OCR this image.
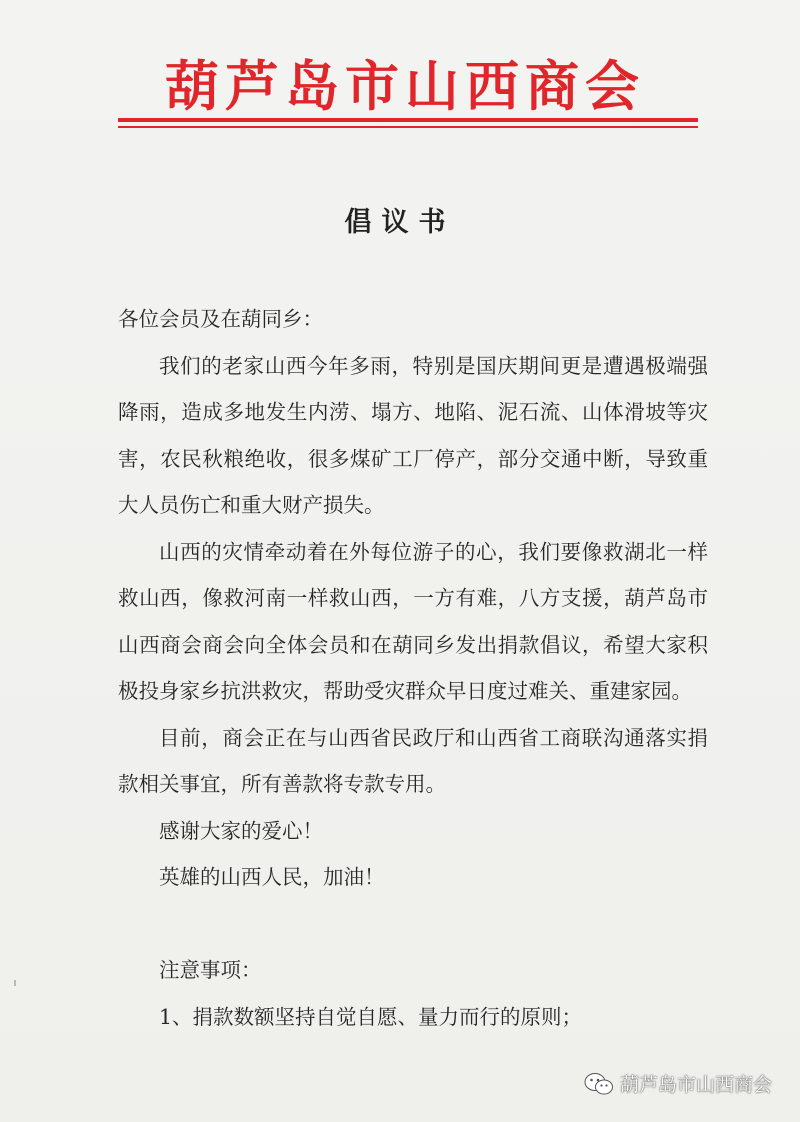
葫芦岛市山西商会
倡议书

各位会员及在葫同乡：

我们的老家山西今年多雨，特别是国庆期间更是遭遇极端强降雨，造成多地发生内涝、塌方、地陷、泥石流、山体滑坡等灾害，农民秋粮绝收，很多煤矿工厂停产，部分交通中断，导致重大人员伤亡和重大财产损失。

山西的灾情牵动着在外每位游子的心，我们要像救湖北一样救山西，像救河南一样救山西，一方有难，八方支援，葫芦岛市山西商会商会向全体会员和在葫同乡发出捐款倡议，希望大家积极投身家乡抗洪救灾，帮助受灾群众早日度过难关、重建家园。

目前，商会正在与山西省民政厅和山西省工商联沟通落实捐款相关事宜，所有善款将专款专用。

感谢大家的爱心！

英雄的山西人民，加油！

注意事项：

1、捐款数额坚持自觉自愿、量力而行的原则；

葫芦岛市山西商会
